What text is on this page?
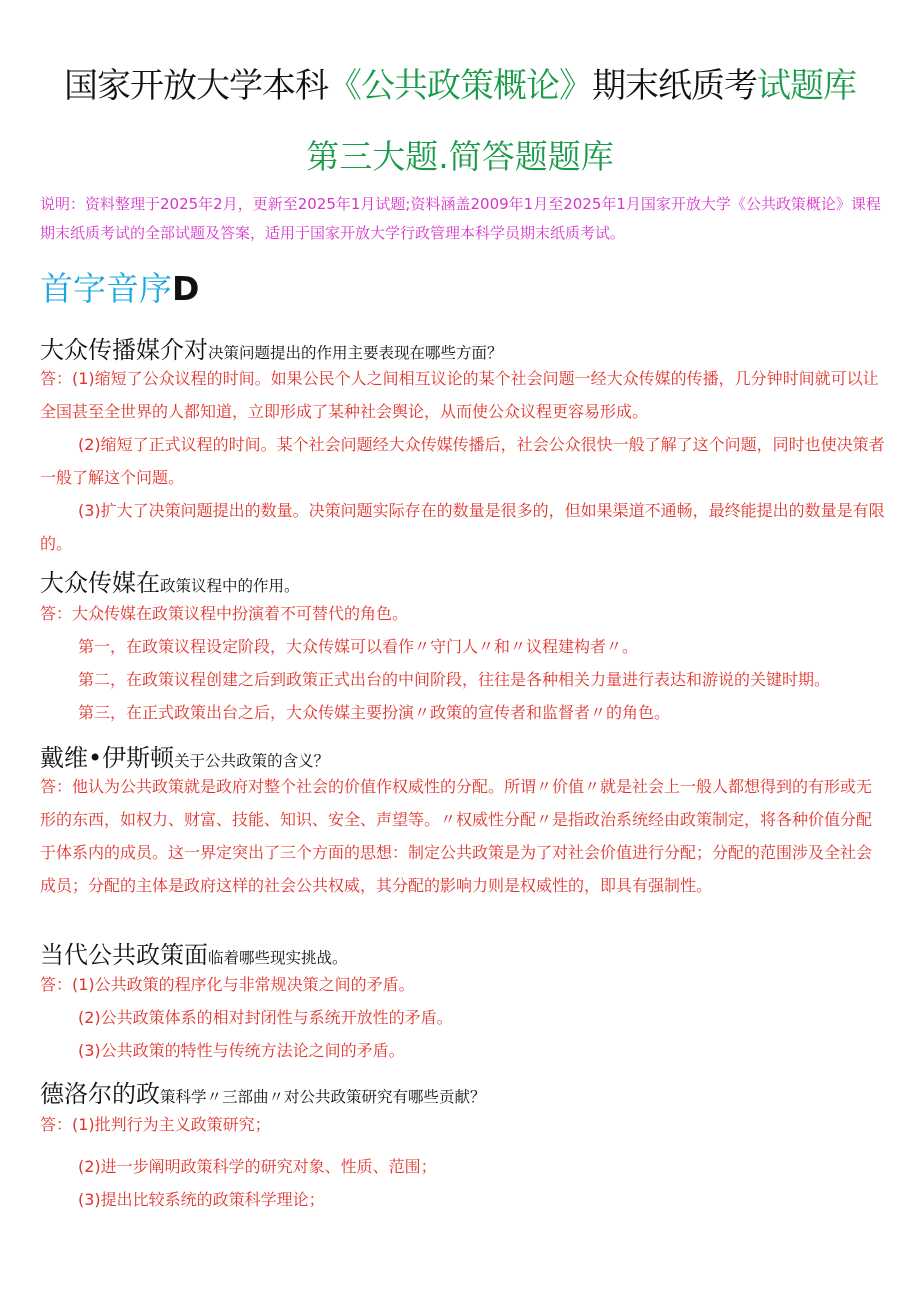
国家开放大学本科《公共政策概论》期末纸质考试题库
第三大题.简答题题库
说明：资料整理于2025年2月，更新至2025年1月试题;资料涵盖2009年1月至2025年1月国家开放大学《公共政策概论》课程期末纸质考试的全部试题及答案，适用于国家开放大学行政管理本科学员期末纸质考试。
首字音序D
大众传播媒介对决策问题提出的作用主要表现在哪些方面？
答：(1)缩短了公众议程的时间。如果公民个人之间相互议论的某个社会问题一经大众传媒的传播，几分钟时间就可以让全国甚至全世界的人都知道，立即形成了某种社会舆论，从而使公众议程更容易形成。
(2)缩短了正式议程的时间。某个社会问题经大众传媒传播后，社会公众很快一般了解了这个问题，同时也使决策者一般了解这个问题。
(3)扩大了决策问题提出的数量。决策问题实际存在的数量是很多的，但如果渠道不通畅，最终能提出的数量是有限的。
大众传媒在政策议程中的作用。
答：大众传媒在政策议程中扮演着不可替代的角色。
第一，在政策议程设定阶段，大众传媒可以看作〃守门人〃和〃议程建构者〃。
第二，在政策议程创建之后到政策正式出台的中间阶段，往往是各种相关力量进行表达和游说的关键时期。
第三，在正式政策出台之后，大众传媒主要扮演〃政策的宣传者和监督者〃的角色。
戴维•伊斯顿关于公共政策的含义？
答：他认为公共政策就是政府对整个社会的价值作权威性的分配。所谓〃价值〃就是社会上一般人都想得到的有形或无形的东西，如权力、财富、技能、知识、安全、声望等。〃权威性分配〃是指政治系统经由政策制定，将各种价值分配于体系内的成员。这一界定突出了三个方面的思想：制定公共政策是为了对社会价值进行分配；分配的范围涉及全社会成员；分配的主体是政府这样的社会公共权威，其分配的影响力则是权威性的，即具有强制性。
当代公共政策面临着哪些现实挑战。
答：(1)公共政策的程序化与非常规决策之间的矛盾。
(2)公共政策体系的相对封闭性与系统开放性的矛盾。
(3)公共政策的特性与传统方法论之间的矛盾。
德洛尔的政策科学〃三部曲〃对公共政策研究有哪些贡献？
答：(1)批判行为主义政策研究；
(2)进一步阐明政策科学的研究对象、性质、范围；
(3)提出比较系统的政策科学理论；
